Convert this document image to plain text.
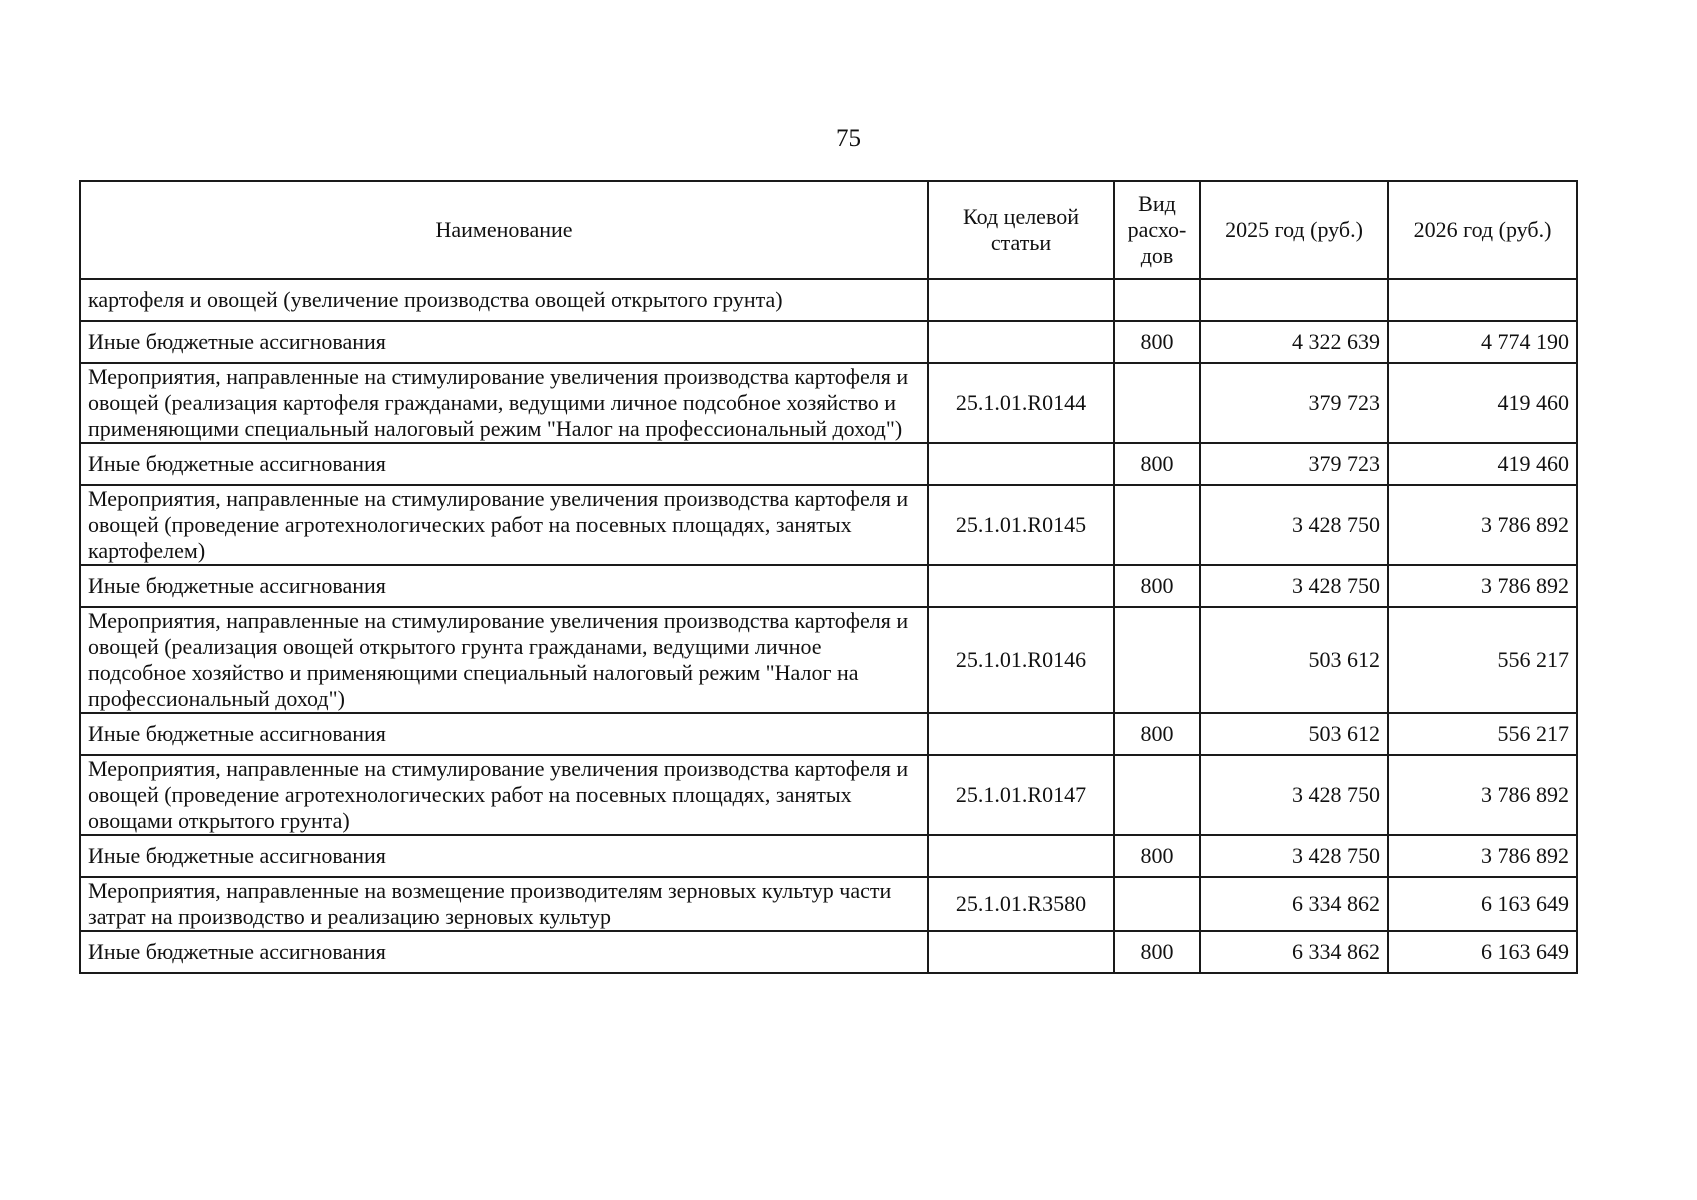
75
Наименование	Код целевой статьи	Вид расхо-дов	2025 год (руб.)	2026 год (руб.)
картофеля и овощей (увеличение производства овощей открытого грунта)				
Иные бюджетные ассигнования		800	4 322 639	4 774 190
Мероприятия, направленные на стимулирование увеличения производства картофеля и овощей (реализация картофеля гражданами, ведущими личное подсобное хозяйство и применяющими специальный налоговый режим "Налог на профессиональный доход")	25.1.01.R0144		379 723	419 460
Иные бюджетные ассигнования		800	379 723	419 460
Мероприятия, направленные на стимулирование увеличения производства картофеля и овощей (проведение агротехнологических работ на посевных площадях, занятых картофелем)	25.1.01.R0145		3 428 750	3 786 892
Иные бюджетные ассигнования		800	3 428 750	3 786 892
Мероприятия, направленные на стимулирование увеличения производства картофеля и овощей (реализация овощей открытого грунта гражданами, ведущими личное подсобное хозяйство и применяющими специальный налоговый режим "Налог на профессиональный доход")	25.1.01.R0146		503 612	556 217
Иные бюджетные ассигнования		800	503 612	556 217
Мероприятия, направленные на стимулирование увеличения производства картофеля и овощей (проведение агротехнологических работ на посевных площадях, занятых овощами открытого грунта)	25.1.01.R0147		3 428 750	3 786 892
Иные бюджетные ассигнования		800	3 428 750	3 786 892
Мероприятия, направленные на возмещение производителям зерновых культур части затрат на производство и реализацию зерновых культур	25.1.01.R3580		6 334 862	6 163 649
Иные бюджетные ассигнования		800	6 334 862	6 163 649
